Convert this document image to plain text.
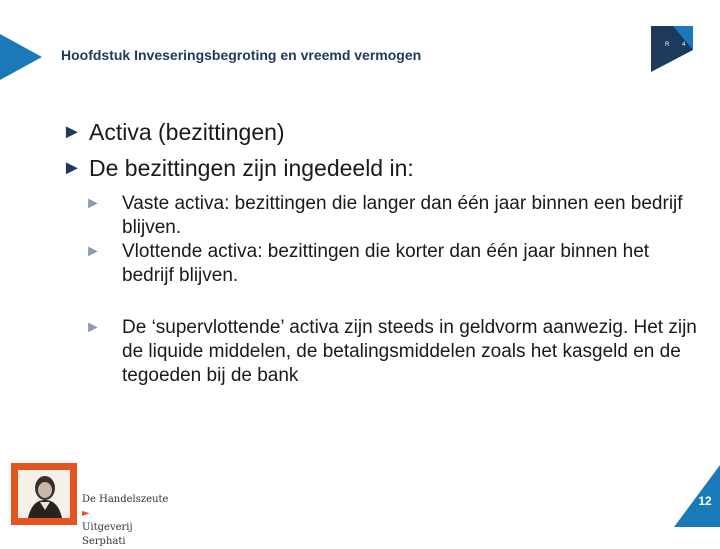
Hoofdstuk Inveseringsbegroting en vreemd vermogen
R 4
► Activa (bezittingen)
► De bezittingen zijn ingedeeld in:
►	Vaste activa: bezittingen die langer dan één jaar binnen een bedrijf blijven.
►	Vlottende activa: bezittingen die korter dan één jaar binnen het bedrijf blijven.
►	De ‘supervlottende’ activa zijn steeds in geldvorm aanwezig. Het zijn de liquide middelen, de betalingsmiddelen zoals het kasgeld en de tegoeden bij de bank
De Handelszeute ►
Uitgeverij Serphati
12
